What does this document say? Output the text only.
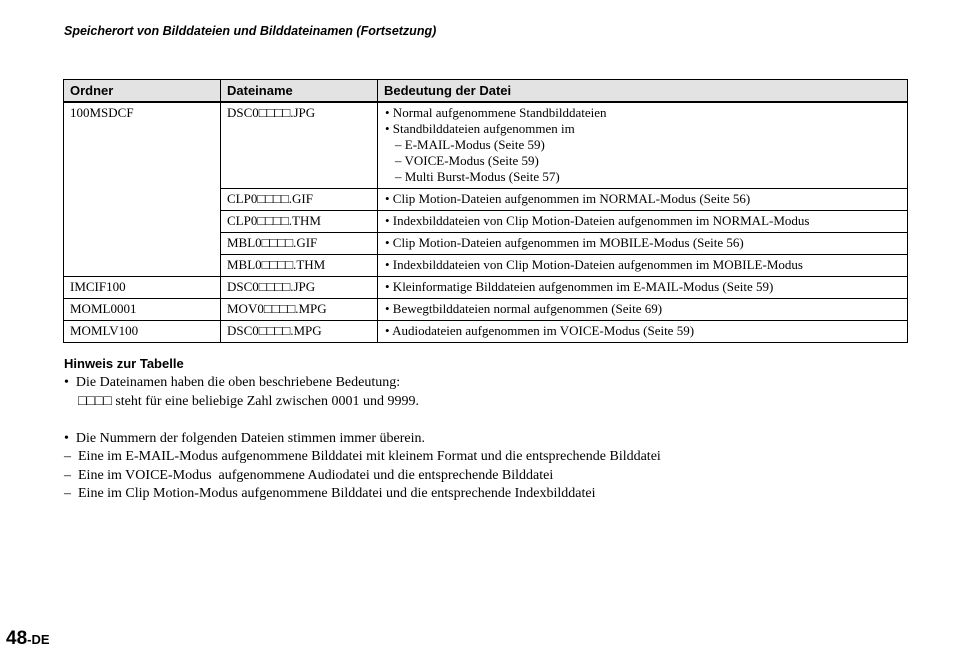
Speicherort von Bilddateien und Bilddateinamen (Fortsetzung)
Ordner	Dateiname	Bedeutung der Datei
100MSDCF	DSC0□□□□.JPG	• Normal aufgenommene Standbilddateien
• Standbilddateien aufgenommen im
– E-MAIL-Modus (Seite 59)
– VOICE-Modus (Seite 59)
– Multi Burst-Modus (Seite 57)

	CLP0□□□□.GIF	• Clip Motion-Dateien aufgenommen im NORMAL-Modus (Seite 56)
	CLP0□□□□.THM	• Indexbilddateien von Clip Motion-Dateien aufgenommen im NORMAL-Modus
	MBL0□□□□.GIF	• Clip Motion-Dateien aufgenommen im MOBILE-Modus (Seite 56)
	MBL0□□□□.THM	• Indexbilddateien von Clip Motion-Dateien aufgenommen im MOBILE-Modus
IMCIF100	DSC0□□□□.JPG	• Kleinformatige Bilddateien aufgenommen im E-MAIL-Modus (Seite 59)
MOML0001	MOV0□□□□.MPG	• Bewegtbilddateien normal aufgenommen (Seite 69)
MOMLV100	DSC0□□□□.MPG	• Audiodateien aufgenommen im VOICE-Modus (Seite 59)
Hinweis zur Tabelle
•  Die Dateinamen haben die oben beschriebene Bedeutung:
□□□□ steht für eine beliebige Zahl zwischen 0001 und 9999.

•  Die Nummern der folgenden Dateien stimmen immer überein.
–  Eine im E-MAIL-Modus aufgenommene Bilddatei mit kleinem Format und die entsprechende Bilddatei
–  Eine im VOICE-Modus  aufgenommene Audiodatei und die entsprechende Bilddatei
–  Eine im Clip Motion-Modus aufgenommene Bilddatei und die entsprechende Indexbilddatei
48-DE
